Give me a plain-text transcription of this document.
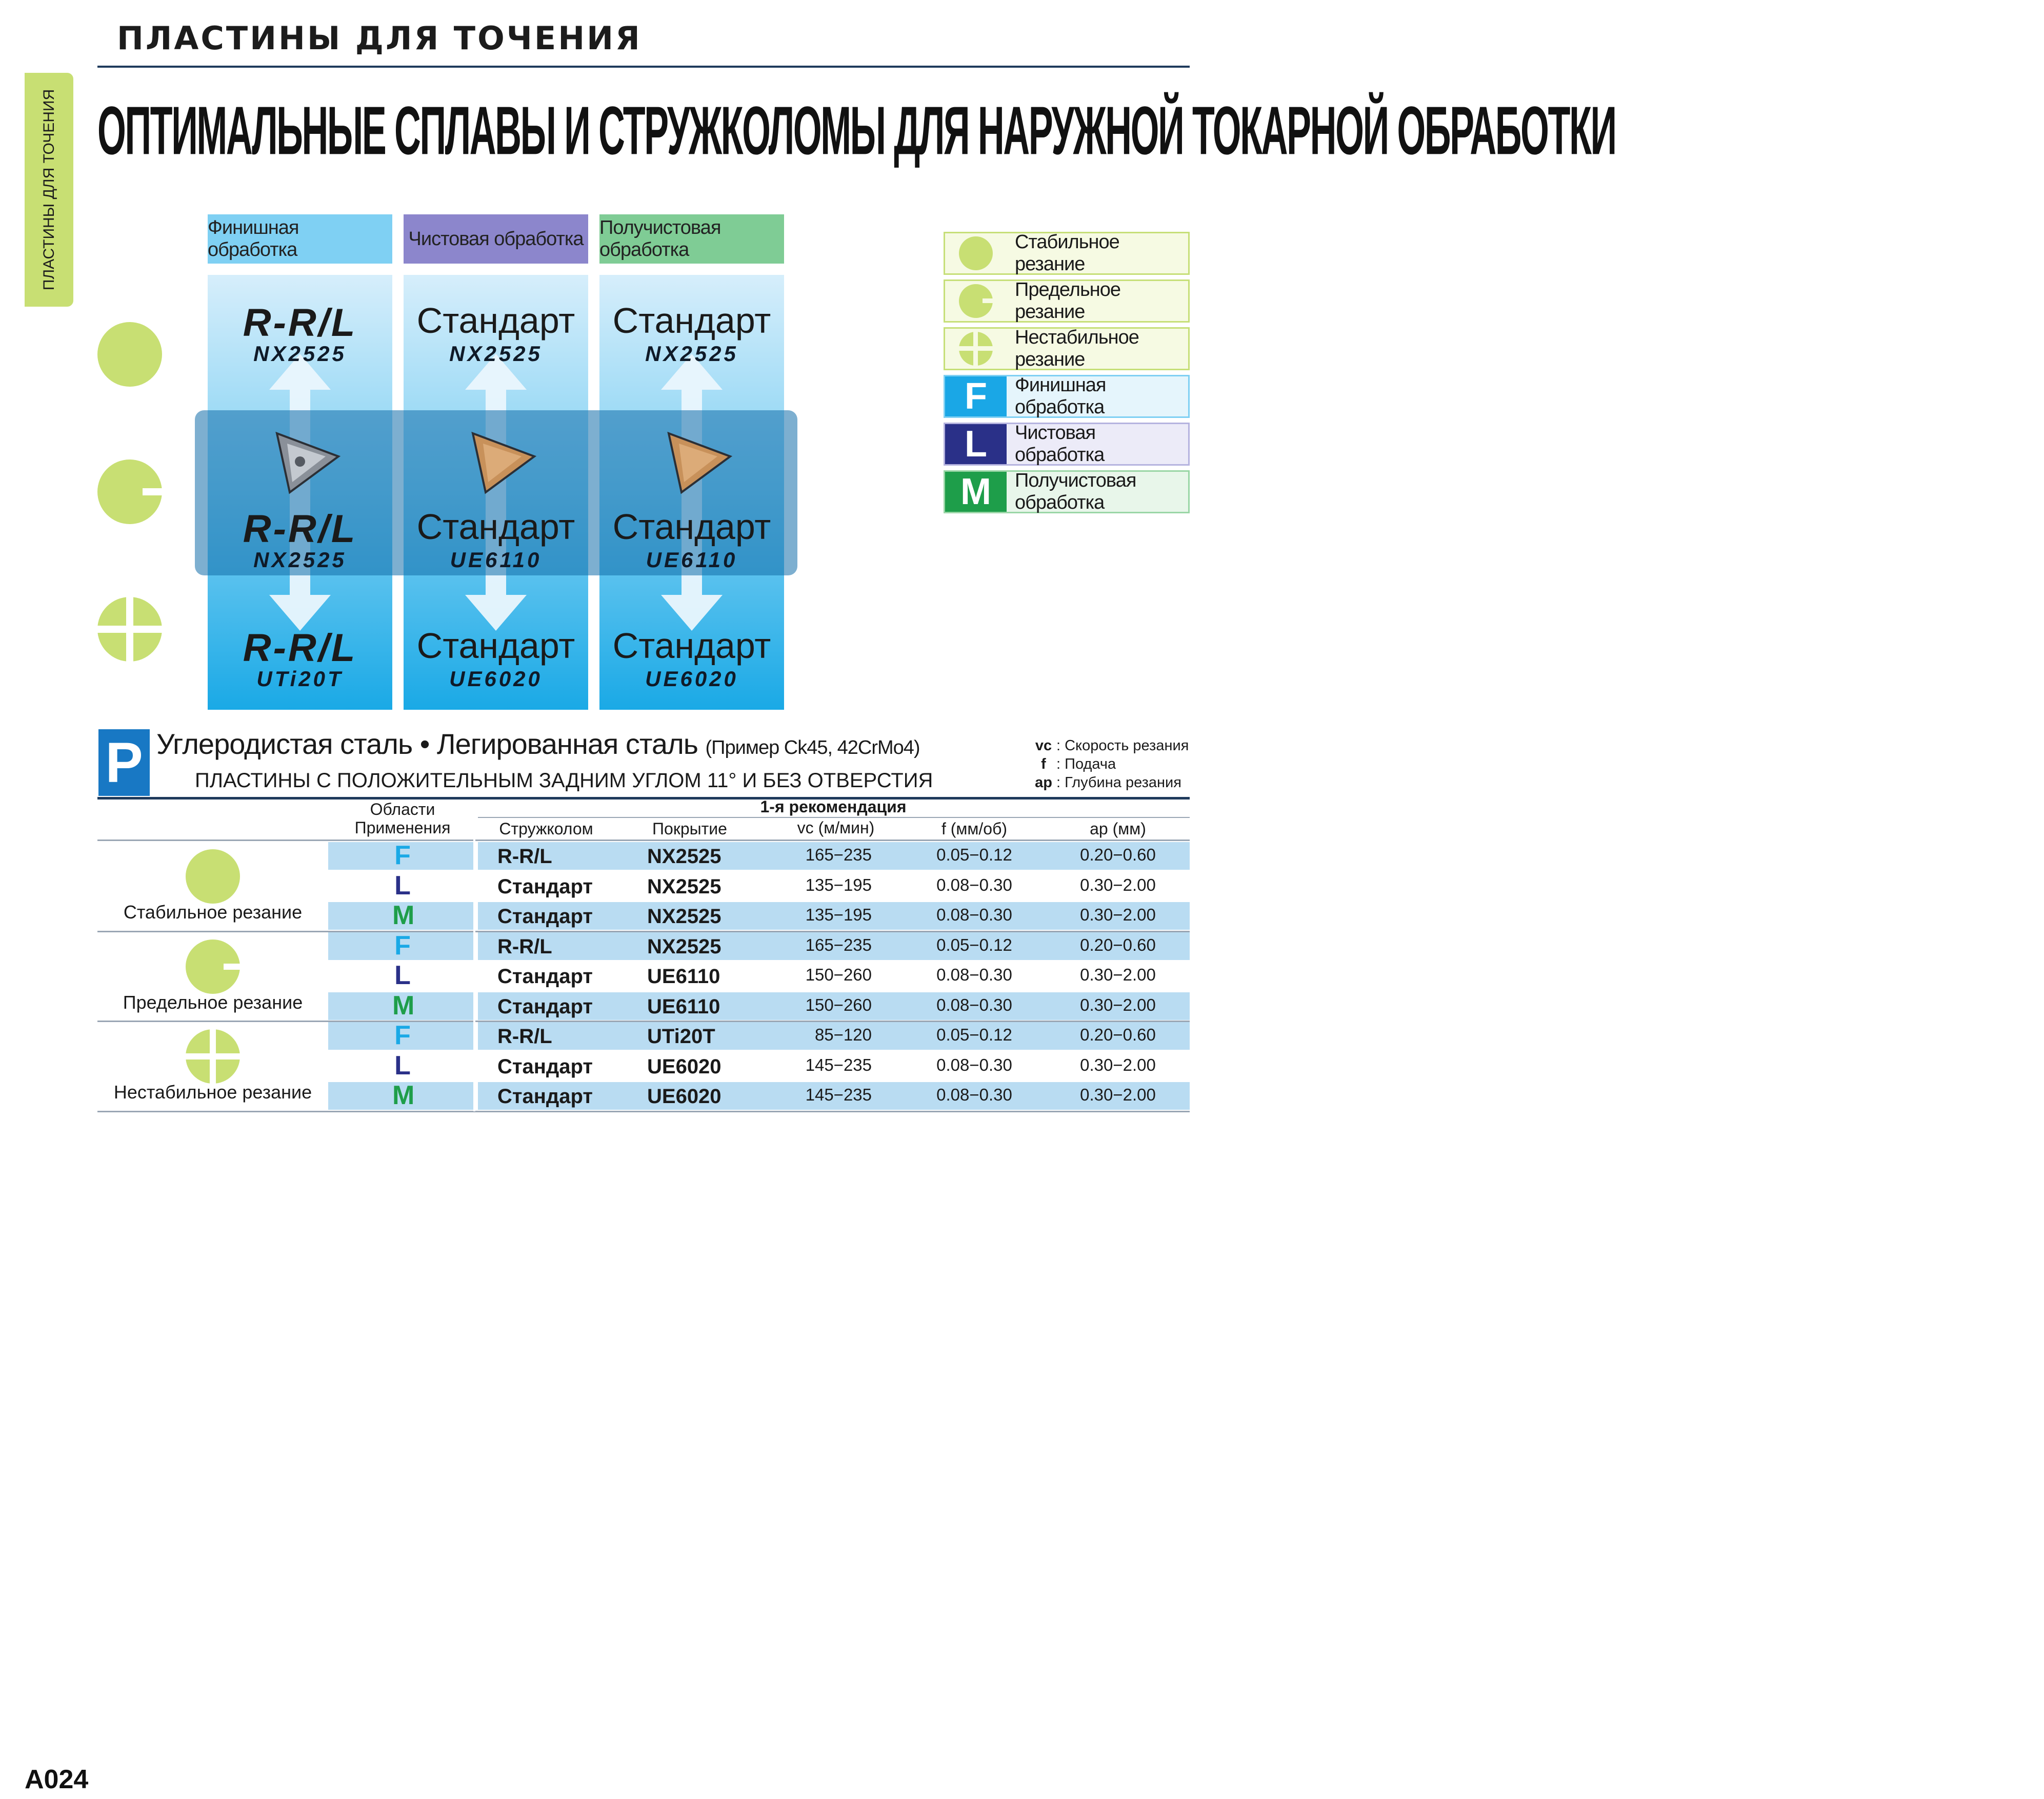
ПЛАСТИНЫ ДЛЯ ТОЧЕНИЯ
ПЛАСТИНЫ ДЛЯ ТОЧЕНИЯ ОПТИМАЛЬНЫЕ СПЛАВЫ И СТРУЖКОЛОМЫ ДЛЯ НАРУЖНОЙ ТОКАРНОЙ ОБРАБОТКИ
Финишная обработка
Чистовая обработка
Получистовая обработка
R-R/L
NX2525
R-R/L
NX2525
R-R/L
UTi20T
Стандарт
NX2525
Стандарт
UE6110
Стандарт
UE6020
Стандарт
NX2525
Стандарт
UE6110
Стандарт
UE6020
Стабильное резание
Предельное резание
Нестабильное резание
F Финишная обработка
L Чистовая обработка
M Получистовая обработка
P Углеродистая сталь • Легированная сталь (Пример Ck45, 42CrMo4)
ПЛАСТИНЫ С ПОЛОЖИТЕЛЬНЫМ ЗАДНИМ УГЛОМ 11° И БЕЗ ОТВЕРСТИЯ
vc : Скорость резания
f : Подача
ap : Глубина резания
Области
Применения
1-я рекомендация
Стружколом	Покрытие	vc (м/мин)	f (мм/об)	ap (мм)
Стабильное резание
F	R-R/L	NX2525	165−235	0.05−0.12	0.20−0.60
L	Стандарт	NX2525	135−195	0.08−0.30	0.30−2.00
M	Стандарт	NX2525	135−195	0.08−0.30	0.30−2.00
Предельное резание
F	R-R/L	NX2525	165−235	0.05−0.12	0.20−0.60
L	Стандарт	UE6110	150−260	0.08−0.30	0.30−2.00
M	Стандарт	UE6110	150−260	0.08−0.30	0.30−2.00
Нестабильное резание
F	R-R/L	UTi20T	85−120	0.05−0.12	0.20−0.60
L	Стандарт	UE6020	145−235	0.08−0.30	0.30−2.00
M	Стандарт	UE6020	145−235	0.08−0.30	0.30−2.00
A024
